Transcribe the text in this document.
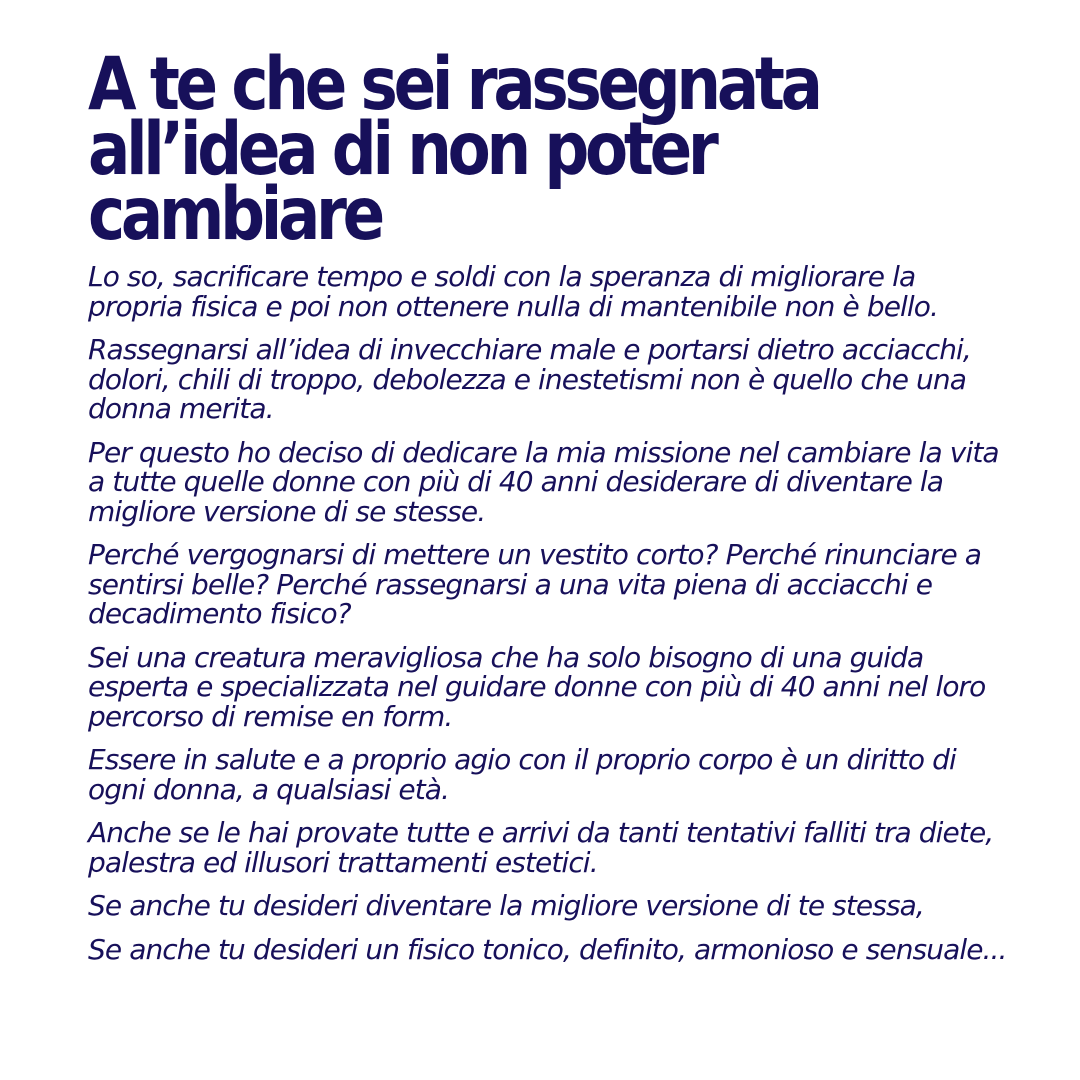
A te che sei rassegnata
all’idea di non poter
cambiare

Lo so, sacrificare tempo e soldi con la speranza di migliorare la propria fisica e poi non ottenere nulla di mantenibile non è bello.

Rassegnarsi all’idea di invecchiare male e portarsi dietro acciacchi, dolori, chili di troppo, debolezza e inestetismi non è quello che una donna merita.

Per questo ho deciso di dedicare la mia missione nel cambiare la vita a tutte quelle donne con più di 40 anni desiderare di diventare la migliore versione di se stesse.

Perché vergognarsi di mettere un vestito corto? Perché rinunciare a sentirsi belle? Perché rassegnarsi a una vita piena di acciacchi e decadimento fisico?

Sei una creatura meravigliosa che ha solo bisogno di una guida esperta e specializzata nel guidare donne con più di 40 anni nel loro percorso di remise en form.

Essere in salute e a proprio agio con il proprio corpo è un diritto di ogni donna, a qualsiasi età.

Anche se le hai provate tutte e arrivi da tanti tentativi falliti tra diete, palestra ed illusori trattamenti estetici.

Se anche tu desideri diventare la migliore versione di te stessa,

Se anche tu desideri un fisico tonico, definito, armonioso e sensuale...
